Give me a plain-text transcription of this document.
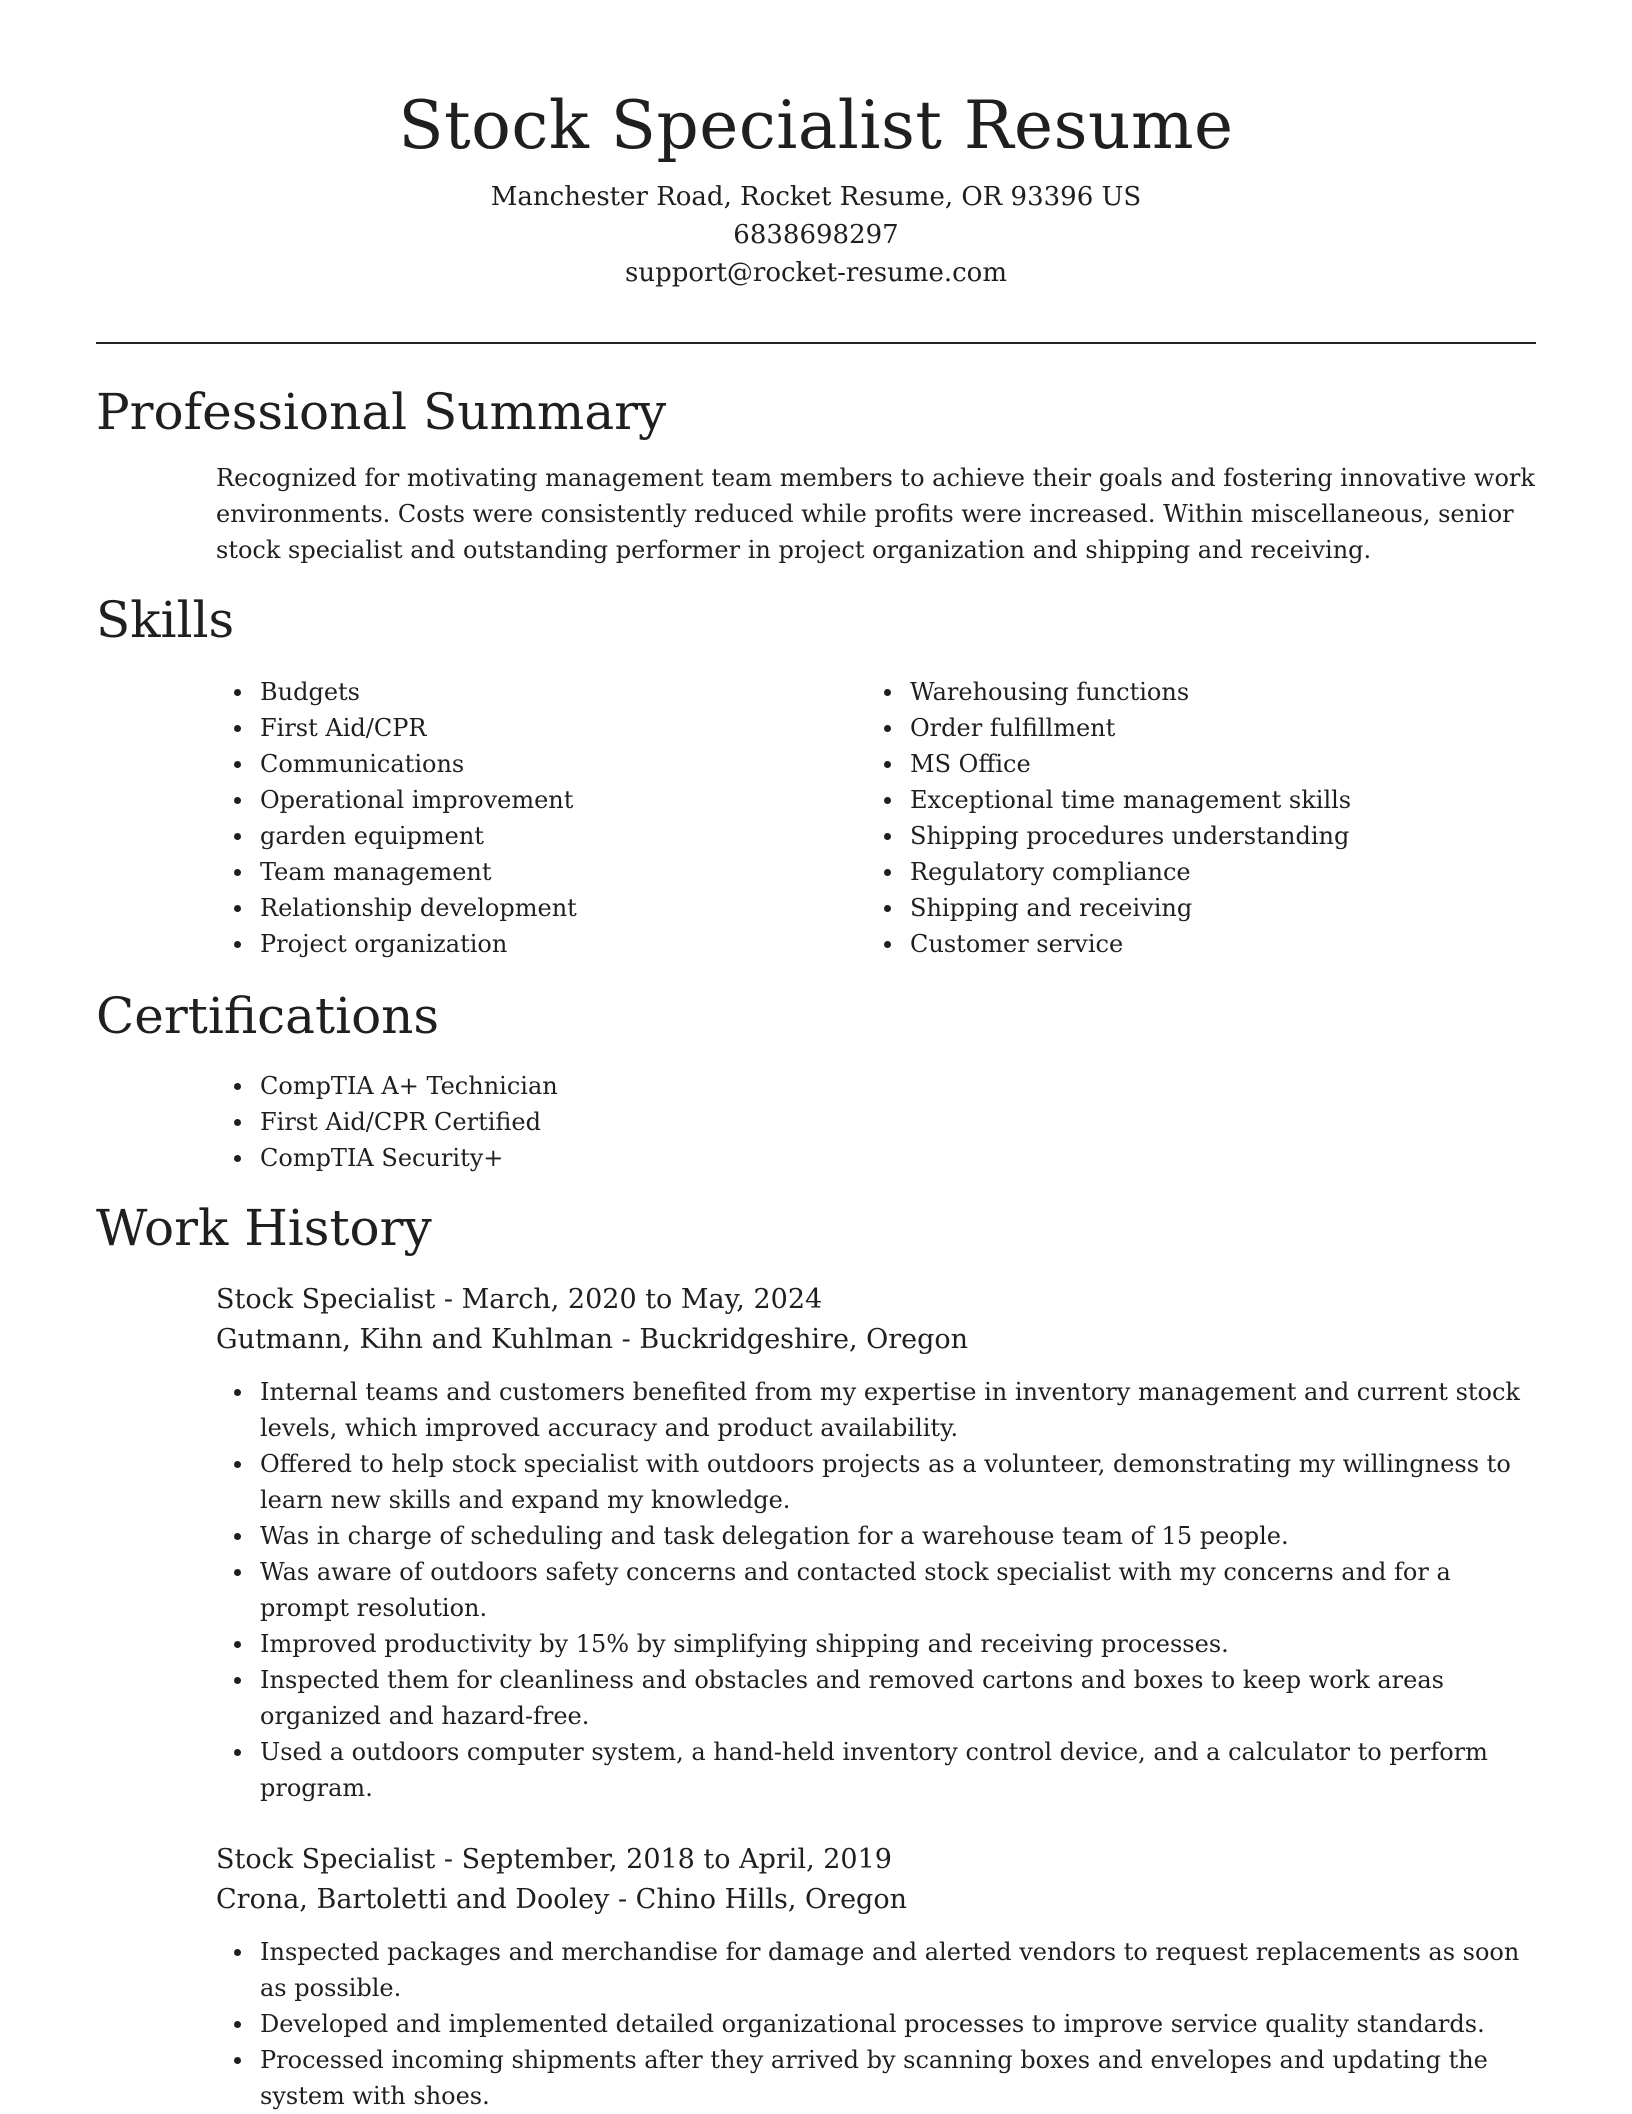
Stock Specialist Resume

Manchester Road, Rocket Resume, OR 93396 US

6838698297

support@rocket-resume.com

Professional Summary

Recognized for motivating management team members to achieve their goals and fostering innovative work environments. Costs were consistently reduced while profits were increased. Within miscellaneous, senior stock specialist and outstanding performer in project organization and shipping and receiving.

Skills
Budgets
First Aid/CPR
Communications
Operational improvement
garden equipment
Team management
Relationship development
Project organization
Warehousing functions
Order fulfillment
MS Office
Exceptional time management skills
Shipping procedures understanding
Regulatory compliance
Shipping and receiving
Customer service
Certifications
CompTIA A+ Technician
First Aid/CPR Certified
CompTIA Security+
Work History

Stock Specialist - March, 2020 to May, 2024

Gutmann, Kihn and Kuhlman - Buckridgeshire, Oregon

Internal teams and customers benefited from my expertise in inventory management and current stock levels, which improved accuracy and product availability.
Offered to help stock specialist with outdoors projects as a volunteer, demonstrating my willingness to learn new skills and expand my knowledge.
Was in charge of scheduling and task delegation for a warehouse team of 15 people.
Was aware of outdoors safety concerns and contacted stock specialist with my concerns and for a prompt resolution.
Improved productivity by 15% by simplifying shipping and receiving processes.
Inspected them for cleanliness and obstacles and removed cartons and boxes to keep work areas organized and hazard-free.
Used a outdoors computer system, a hand-held inventory control device, and a calculator to perform program.

Stock Specialist - September, 2018 to April, 2019

Crona, Bartoletti and Dooley - Chino Hills, Oregon

Inspected packages and merchandise for damage and alerted vendors to request replacements as soon as possible.
Developed and implemented detailed organizational processes to improve service quality standards.
Processed incoming shipments after they arrived by scanning boxes and envelopes and updating the system with shoes.
